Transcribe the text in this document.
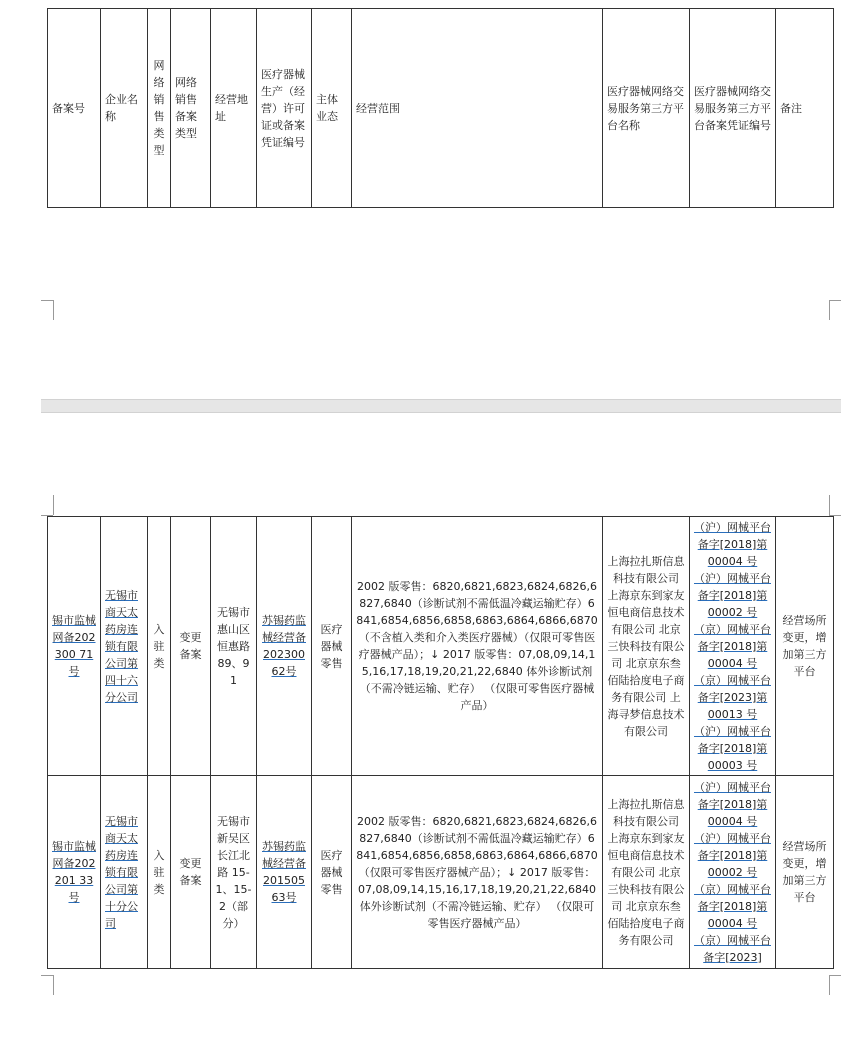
备案号	企业名称	网络销售类型	网络销售备案类型	经营地址	医疗器械生产（经营）许可证或备案凭证编号	主体业态	经营范围	医疗器械网络交易服务第三方平台名称	医疗器械网络交易服务第三方平台备案凭证编号	备注
锡市监械网备202300 71号	无锡市商天太药房连锁有限公司第四十六分公司	入驻类	变更备案	无锡市惠山区恒惠路89、91	苏锡药监械经营备20230062号	医疗器械零售	2002 版零售：6820,6821,6823,6824,6826,6827,6840（诊断试剂不需低温冷藏运输贮存）6841,6854,6856,6858,6863,6864,6866,6870（不含植入类和介入类医疗器械）（仅限可零售医疗器械产品）；↓ 2017 版零售：07,08,09,14,15,16,17,18,19,20,21,22,6840 体外诊断试剂（不需冷链运输、贮存） （仅限可零售医疗器械产品）	上海拉扎斯信息科技有限公司 上海京东到家友恒电商信息技术有限公司 北京三快科技有限公司 北京京东叁佰陆拾度电子商务有限公司 上海寻梦信息技术有限公司	（沪）网械平台备字[2018]第 00004 号 （沪）网械平台备字[2018]第 00002 号 （京）网械平台备字[2018]第 00004 号 （京）网械平台备字[2023]第 00013 号 （沪）网械平台备字[2018]第 00003 号	经营场所变更，增加第三方平台
锡市监械网备202201 33号	无锡市商天太药房连锁有限公司第十分公司	入驻类	变更备案	无锡市新吴区长江北路 15-1、15-2（部分）	苏锡药监械经营备20150563号	医疗器械零售	2002 版零售：6820,6821,6823,6824,6826,6827,6840（诊断试剂不需低温冷藏运输贮存）6841,6854,6856,6858,6863,6864,6866,6870（仅限可零售医疗器械产品）；↓ 2017 版零售：07,08,09,14,15,16,17,18,19,20,21,22,6840 体外诊断试剂（不需冷链运输、贮存） （仅限可零售医疗器械产品）	上海拉扎斯信息科技有限公司 上海京东到家友恒电商信息技术有限公司 北京三快科技有限公司 北京京东叁佰陆拾度电子商务有限公司	（沪）网械平台备字[2018]第 00004 号 （沪）网械平台备字[2018]第 00002 号 （京）网械平台备字[2018]第 00004 号 （京）网械平台备字[2023]	经营场所变更，增加第三方平台
